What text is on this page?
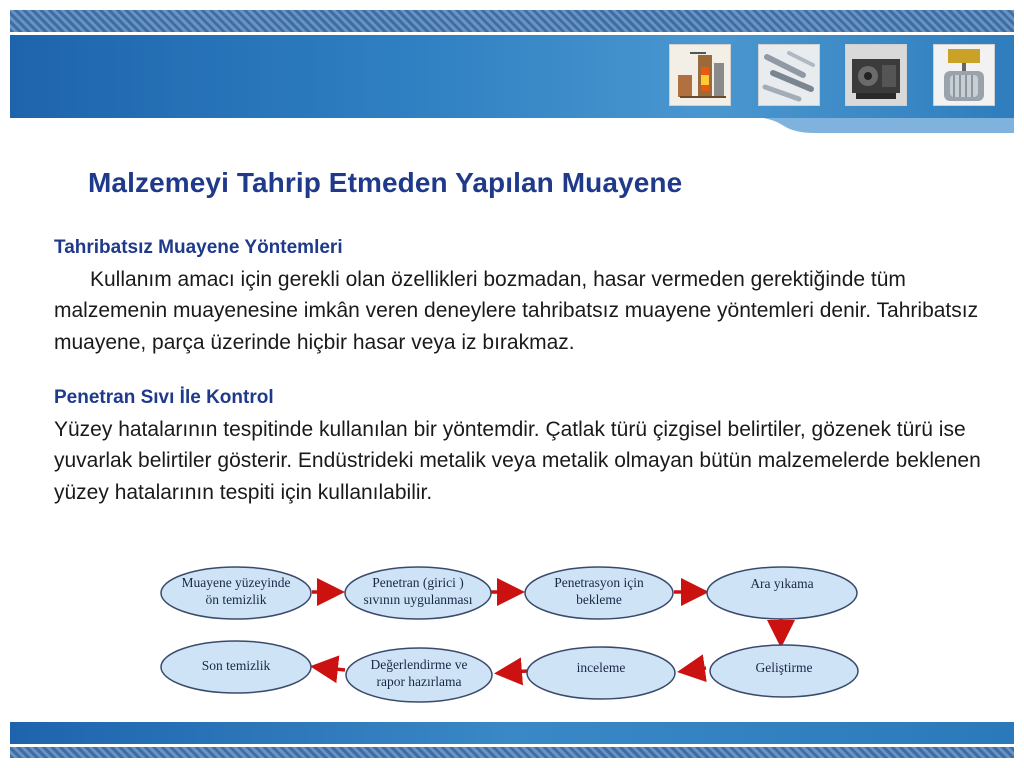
Malzemeyi Tahrip Etmeden Yapılan Muayene
Tahribatsız Muayene Yöntemleri
Kullanım amacı için gerekli olan özellikleri bozmadan, hasar vermeden gerektiğinde tüm malzemenin muayenesine imkân veren deneylere tahribatsız muayene yöntemleri denir. Tahribatsız muayene, parça üzerinde hiçbir hasar veya iz bırakmaz.
Penetran Sıvı İle Kontrol
Yüzey hatalarının tespitinde kullanılan bir yöntemdir. Çatlak türü çizgisel belirtiler, gözenek türü ise yuvarlak belirtiler gösterir. Endüstrideki metalik veya metalik olmayan bütün malzemelerde beklenen yüzey hatalarının tespiti için kullanılabilir.
Muayene yüzeyinde
ön temizlik
Penetran (girici )
sıvının uygulanması
Penetrasyon için
bekleme
Ara yıkama
Geliştirme
inceleme
Değerlendirme ve
rapor hazırlama
Son temizlik
